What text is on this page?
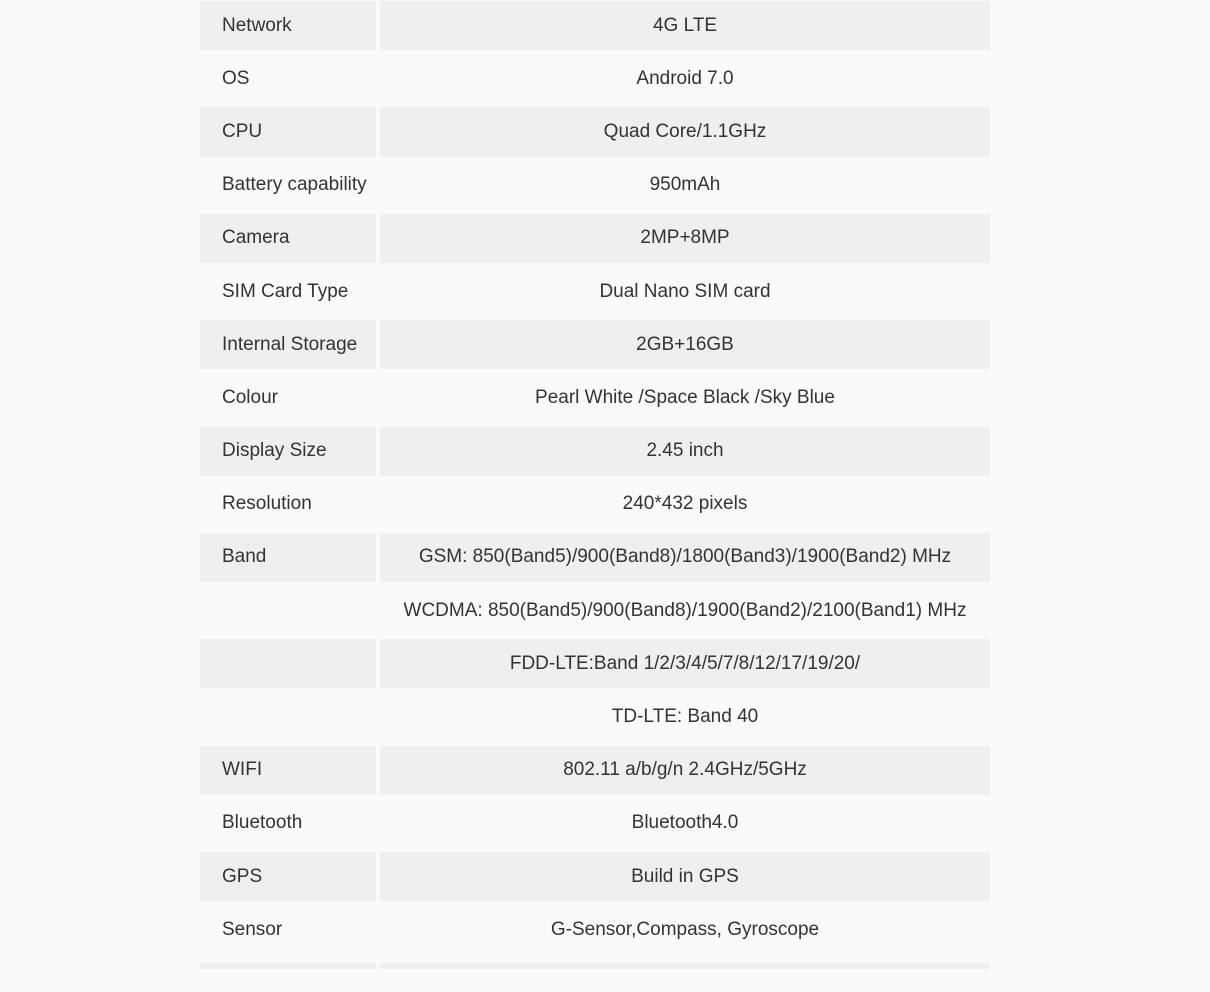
Network	4G LTE
OS	Android 7.0
CPU	Quad Core/1.1GHz
Battery capability	950mAh
Camera	2MP+8MP
SIM Card Type	Dual Nano SIM card
Internal Storage	2GB+16GB
Colour	Pearl White /Space Black /Sky Blue
Display Size	2.45 inch
Resolution	240*432 pixels
Band	GSM: 850(Band5)/900(Band8)/1800(Band3)/1900(Band2) MHz
WCDMA: 850(Band5)/900(Band8)/1900(Band2)/2100(Band1) MHz
FDD-LTE:Band 1/2/3/4/5/7/8/12/17/19/20/
TD-LTE: Band 40
WIFI	802.11 a/b/g/n 2.4GHz/5GHz
Bluetooth	Bluetooth4.0
GPS	Build in GPS
Sensor	G-Sensor,Compass, Gyroscope
